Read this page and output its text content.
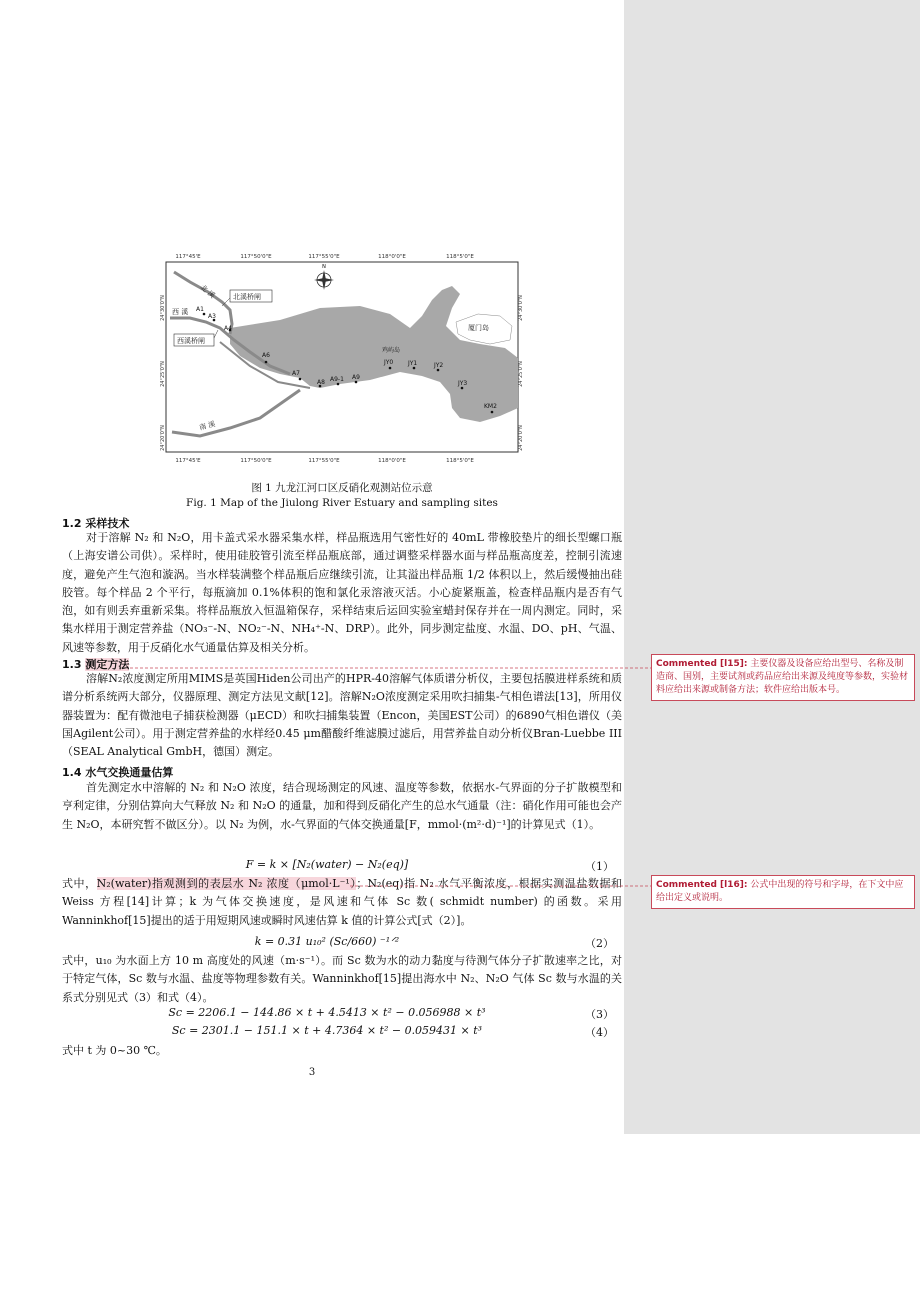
117°45'E	117°50'0"E	117°55'0"E	118°0'0"E	118°5'0"E
117°45'E	117°50'0"E	117°55'0"E	118°0'0"E	118°5'0"E
24°30'0"N
24°25'0"N
24°20'0"N
24°30'0"N
24°25'0"N
24°20'0"N
N
北 溪
西 溪
南 溪
厦门岛
鸡屿岛
北溪桥闸
西溪桥闸
A1
A3
A4
A6
A7
A8 A9-1 A9
JY0 JY1	JY2
JY3
KM2
图 1 九龙江河口区反硝化观测站位示意
Fig. 1 Map of the Jiulong River Estuary and sampling sites
1.2 采样技术
对于溶解 N₂ 和 N₂O，用卡盖式采水器采集水样，样品瓶选用气密性好的 40mL 带橡胶垫片的细长型螺口瓶（上海安谱公司供）。采样时，使用硅胶管引流至样品瓶底部，通过调整采样器水面与样品瓶高度差，控制引流速度，避免产生气泡和漩涡。当水样装满整个样品瓶后应继续引流，让其溢出样品瓶 1/2 体积以上，然后缓慢抽出硅胶管。每个样品 2 个平行，每瓶滴加 0.1%体积的饱和氯化汞溶液灭活。小心旋紧瓶盖，检查样品瓶内是否有气泡，如有则丢弃重新采集。将样品瓶放入恒温箱保存，采样结束后运回实验室蜡封保存并在一周内测定。同时，采集水样用于测定营养盐（NO₃⁻-N、NO₂⁻-N、NH₄⁺-N、DRP）。此外，同步测定盐度、水温、DO、pH、气温、风速等参数，用于反硝化水气通量估算及相关分析。
1.3 测定方法
溶解N₂浓度测定所用MIMS是英国Hiden公司出产的HPR-40溶解气体质谱分析仪，主要包括膜进样系统和质谱分析系统两大部分，仪器原理、测定方法见文献[12]。溶解N₂O浓度测定采用吹扫捕集-气相色谱法[13]，所用仪器装置为：配有微池电子捕获检测器（μECD）和吹扫捕集装置（Encon，美国EST公司）的6890气相色谱仪（美国Agilent公司）。用于测定营养盐的水样经0.45 μm醋酸纤维滤膜过滤后，用营养盐自动分析仪Bran-Luebbe III（SEAL Analytical GmbH，德国）测定。
1.4 水气交换通量估算
首先测定水中溶解的 N₂ 和 N₂O 浓度，结合现场测定的风速、温度等参数，依据水-气界面的分子扩散模型和亨利定律，分别估算向大气释放 N₂ 和 N₂O 的通量，加和得到反硝化产生的总水气通量（注：硝化作用可能也会产生 N₂O，本研究暂不做区分）。以 N₂ 为例，水-气界面的气体交换通量[F，mmol·(m²·d)⁻¹]的计算见式（1）。
F = k × [N₂(water) − N₂(eq)]	（1）
式中，N₂(water)指观测到的表层水 N₂ 浓度（μmol·L⁻¹）；N₂(eq)指 N₂ 水气平衡浓度，根据实测温盐数据和 Weiss 方程[14]计算；k 为气体交换速度，是风速和气体 Sc 数( schmidt number) 的函数。采用 Wanninkhof[15]提出的适于用短期风速或瞬时风速估算 k 值的计算公式[式（2）]。
k = 0.31 u₁₀² (Sc/660) ⁻¹ᐟ²	（2）
式中，u₁₀ 为水面上方 10 m 高度处的风速（m·s⁻¹）。而 Sc 数为水的动力黏度与待测气体分子扩散速率之比，对于特定气体，Sc 数与水温、盐度等物理参数有关。Wanninkhof[15]提出海水中 N₂、N₂O 气体 Sc 数与水温的关系式分别见式（3）和式（4）。
Sc = 2206.1 − 144.86 × t + 4.5413 × t² − 0.056988 × t³	（3）
Sc = 2301.1 − 151.1 × t + 4.7364 × t² − 0.059431 × t³	（4）
式中 t 为 0~30 ℃。
3
Commented [l15]: 主要仪器及设备应给出型号、名称及制造商、国别，主要试剂或药品应给出来源及纯度等参数，实验材料应给出来源或制备方法；软件应给出版本号。
Commented [l16]: 公式中出现的符号和字母，在下文中应给出定义或说明。
